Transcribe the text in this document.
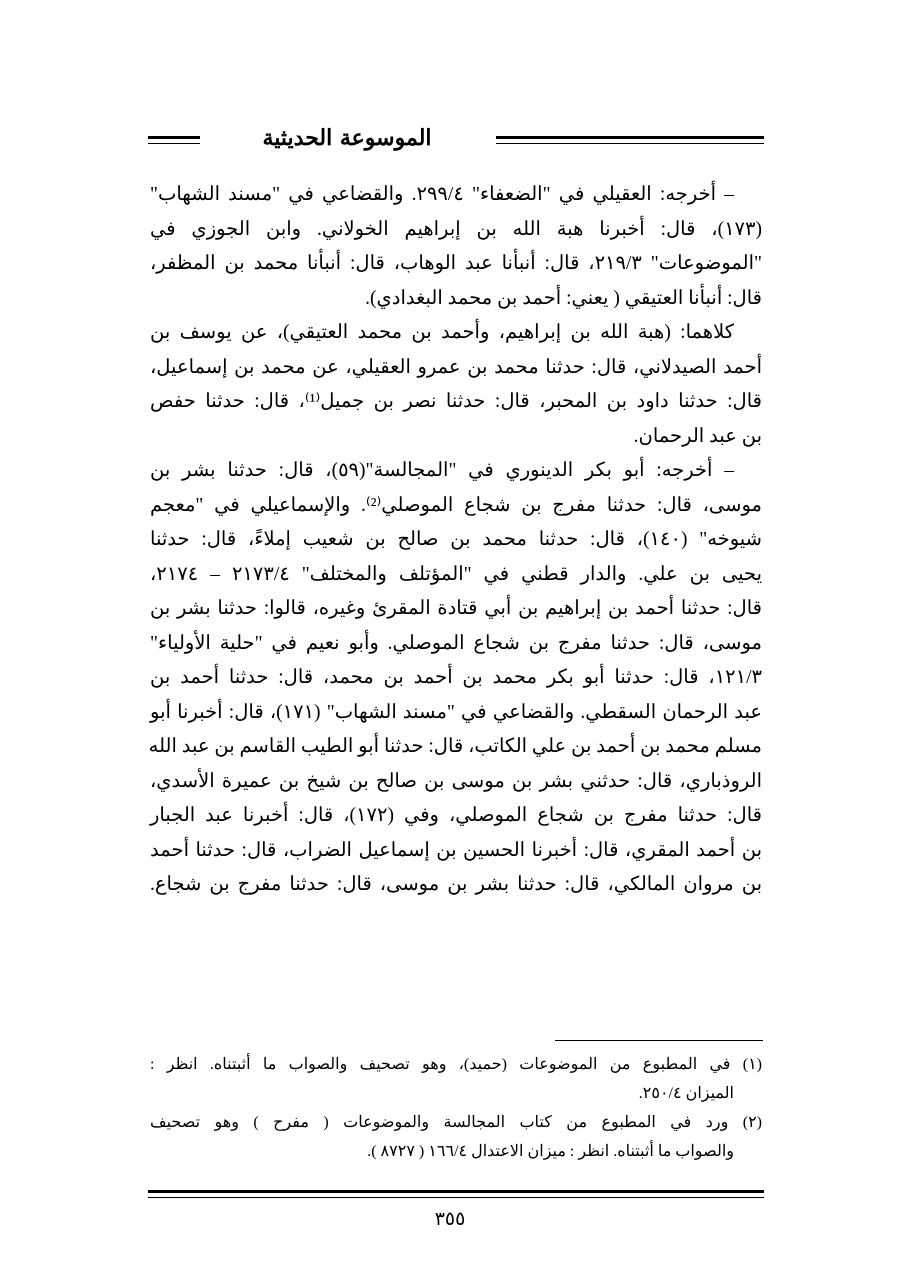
الموسوعة الحديثية
– أخرجه: العقيلي في "الضعفاء" ٢٩٩/٤. والقضاعي في "مسند الشهاب"
(١٧٣)، قال: أخبرنا هبة الله بن إبراهيم الخولاني. وابن الجوزي في
"الموضوعات" ٢١٩/٣، قال: أنبأنا عبد الوهاب، قال: أنبأنا محمد بن المظفر،
قال: أنبأنا العتيقي ( يعني: أحمد بن محمد البغدادي).
كلاهما: (هبة الله بن إبراهيم، وأحمد بن محمد العتيقي)، عن يوسف بن
أحمد الصيدلاني، قال: حدثنا محمد بن عمرو العقيلي، عن محمد بن إسماعيل،
قال: حدثنا داود بن المحبر، قال: حدثنا نصر بن جميل⁽¹⁾، قال: حدثنا حفص
بن عبد الرحمان.
– أخرجه: أبو بكر الدينوري في "المجالسة"(٥٩)، قال: حدثنا بشر بن
موسى، قال: حدثنا مفرج بن شجاع الموصلي⁽²⁾. والإسماعيلي في "معجم
شيوخه" (١٤٠)، قال: حدثنا محمد بن صالح بن شعيب إملاءً، قال: حدثنا
يحيى بن علي. والدار قطني في "المؤتلف والمختلف" ٢١٧٣/٤ – ٢١٧٤،
قال: حدثنا أحمد بن إبراهيم بن أبي قتادة المقرئ وغيره، قالوا: حدثنا بشر بن
موسى، قال: حدثنا مفرج بن شجاع الموصلي. وأبو نعيم في "حلية الأولياء"
١٢١/٣، قال: حدثنا أبو بكر محمد بن أحمد بن محمد، قال: حدثنا أحمد بن
عبد الرحمان السقطي. والقضاعي في "مسند الشهاب" (١٧١)، قال: أخبرنا أبو
مسلم محمد بن أحمد بن علي الكاتب، قال: حدثنا أبو الطيب القاسم بن عبد الله
الروذباري، قال: حدثني بشر بن موسى بن صالح بن شيخ بن عميرة الأسدي،
قال: حدثنا مفرج بن شجاع الموصلي، وفي (١٧٢)، قال: أخبرنا عبد الجبار
بن أحمد المقري، قال: أخبرنا الحسين بن إسماعيل الضراب، قال: حدثنا أحمد
بن مروان المالكي، قال: حدثنا بشر بن موسى، قال: حدثنا مفرج بن شجاع.
(١) في المطبوع من الموضوعات (حميد)، وهو تصحيف والصواب ما أثبتناه. انظر :
الميزان ٢٥٠/٤.
(٢) ورد في المطبوع من كتاب المجالسة والموضوعات ( مفرح ) وهو تصحيف
والصواب ما أثبتناه. انظر : ميزان الاعتدال ١٦٦/٤ ( ٨٧٢٧ ).
٣٥٥
